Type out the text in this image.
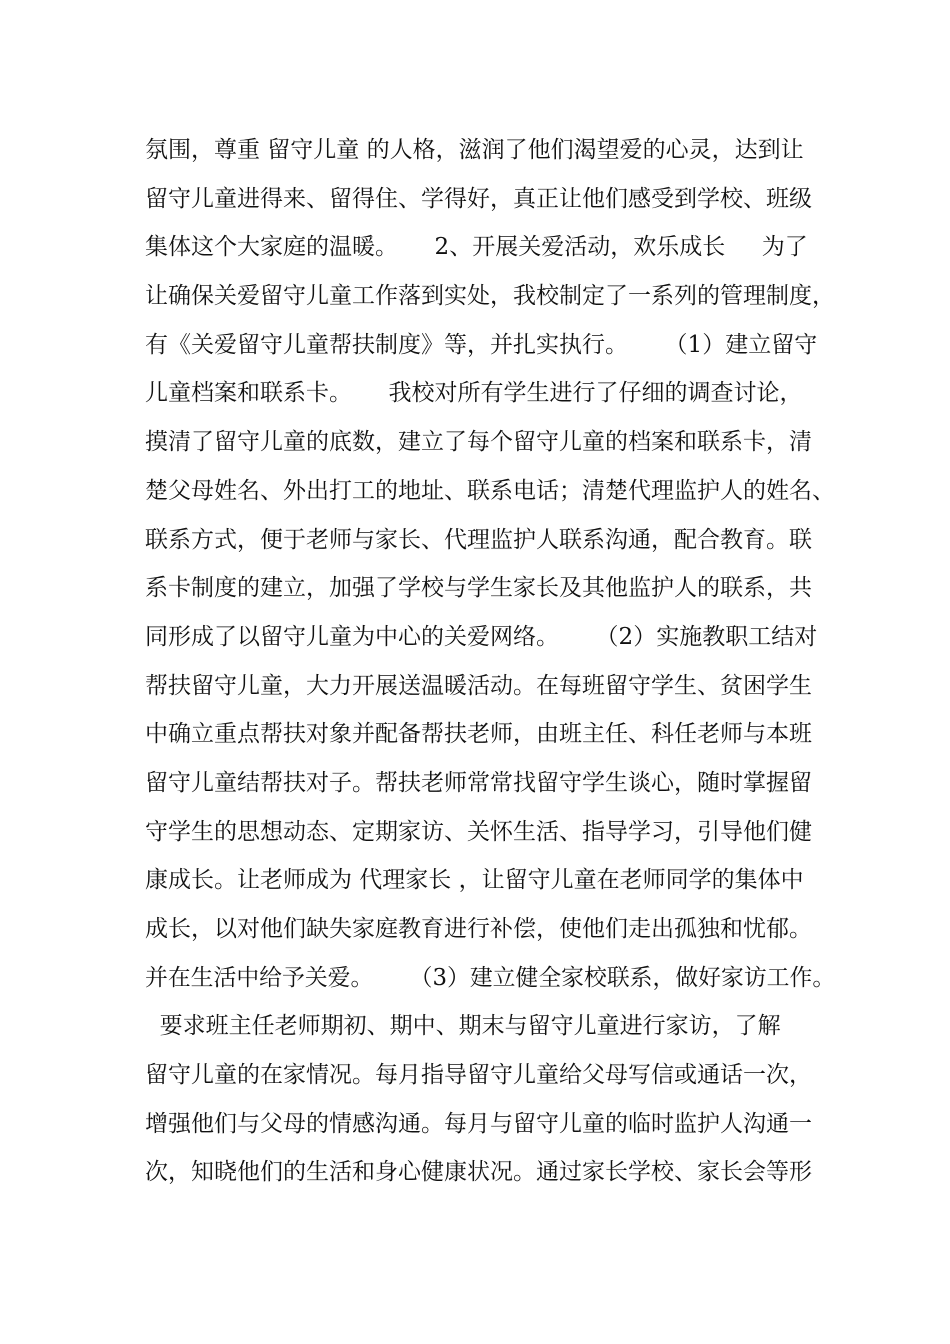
氛围，尊重 留守儿童 的人格，滋润了他们渴望爱的心灵，达到让
留守儿童进得来、留得住、学得好，真正让他们感受到学校、班级
集体这个大家庭的温暖。     2、开展关爱活动，欢乐成长     为了
让确保关爱留守儿童工作落到实处，我校制定了一系列的管理制度，
有《关爱留守儿童帮扶制度》等，并扎实执行。     （1）建立留守
儿童档案和联系卡。     我校对所有学生进行了仔细的调查讨论，
摸清了留守儿童的底数，建立了每个留守儿童的档案和联系卡，清
楚父母姓名、外出打工的地址、联系电话；清楚代理监护人的姓名、
联系方式，便于老师与家长、代理监护人联系沟通，配合教育。联
系卡制度的建立，加强了学校与学生家长及其他监护人的联系，共
同形成了以留守儿童为中心的关爱网络。     （2）实施教职工结对
帮扶留守儿童，大力开展送温暖活动。在每班留守学生、贫困学生
中确立重点帮扶对象并配备帮扶老师，由班主任、科任老师与本班
留守儿童结帮扶对子。帮扶老师常常找留守学生谈心，随时掌握留
守学生的思想动态、定期家访、关怀生活、指导学习，引导他们健
康成长。让老师成为 代理家长 ，让留守儿童在老师同学的集体中
成长，以对他们缺失家庭教育进行补偿，使他们走出孤独和忧郁。
并在生活中给予关爱。     （3）建立健全家校联系，做好家访工作。
要求班主任老师期初、期中、期末与留守儿童进行家访，了解
留守儿童的在家情况。每月指导留守儿童给父母写信或通话一次，
增强他们与父母的情感沟通。每月与留守儿童的临时监护人沟通一
次，知晓他们的生活和身心健康状况。通过家长学校、家长会等形
